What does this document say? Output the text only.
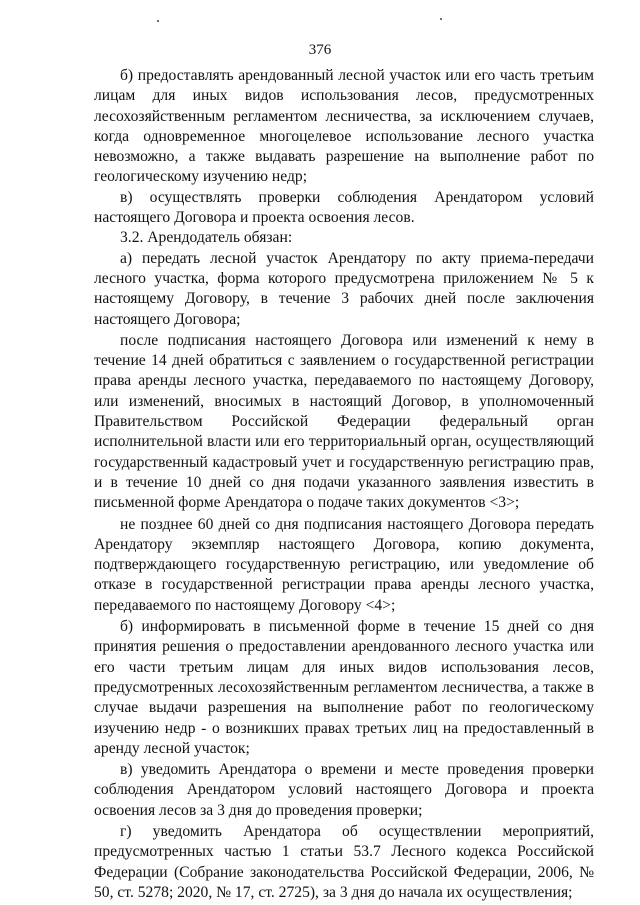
376

б) предоставлять арендованный лесной участок или его часть третьим лицам для иных видов использования лесов, предусмотренных лесохозяйственным регламентом лесничества, за исключением случаев, когда одновременное многоцелевое использование лесного участка невозможно, а также выдавать разрешение на выполнение работ по геологическому изучению недр;

в) осуществлять проверки соблюдения Арендатором условий настоящего Договора и проекта освоения лесов.

3.2. Арендодатель обязан:

а) передать лесной участок Арендатору по акту приема-передачи лесного участка, форма которого предусмотрена приложением № 5 к настоящему Договору, в течение 3 рабочих дней после заключения настоящего Договора;

после подписания настоящего Договора или изменений к нему в течение 14 дней обратиться с заявлением о государственной регистрации права аренды лесного участка, передаваемого по настоящему Договору, или изменений, вносимых в настоящий Договор, в уполномоченный Правительством Российской Федерации федеральный орган исполнительной власти или его территориальный орган, осуществляющий государственный кадастровый учет и государственную регистрацию прав, и в течение 10 дней со дня подачи указанного заявления известить в письменной форме Арендатора о подаче таких документов <3>;

не позднее 60 дней со дня подписания настоящего Договора передать Арендатору экземпляр настоящего Договора, копию документа, подтверждающего государственную регистрацию, или уведомление об отказе в государственной регистрации права аренды лесного участка, передаваемого по настоящему Договору <4>;

б) информировать в письменной форме в течение 15 дней со дня принятия решения о предоставлении арендованного лесного участка или его части третьим лицам для иных видов использования лесов, предусмотренных лесохозяйственным регламентом лесничества, а также в случае выдачи разрешения на выполнение работ по геологическому изучению недр - о возникших правах третьих лиц на предоставленный в аренду лесной участок;

в) уведомить Арендатора о времени и месте проведения проверки соблюдения Арендатором условий настоящего Договора и проекта освоения лесов за 3 дня до проведения проверки;

г) уведомить Арендатора об осуществлении мероприятий, предусмотренных частью 1 статьи 53.7 Лесного кодекса Российской Федерации (Собрание законодательства Российской Федерации, 2006, № 50, ст. 5278; 2020, № 17, ст. 2725), за 3 дня до начала их осуществления;
